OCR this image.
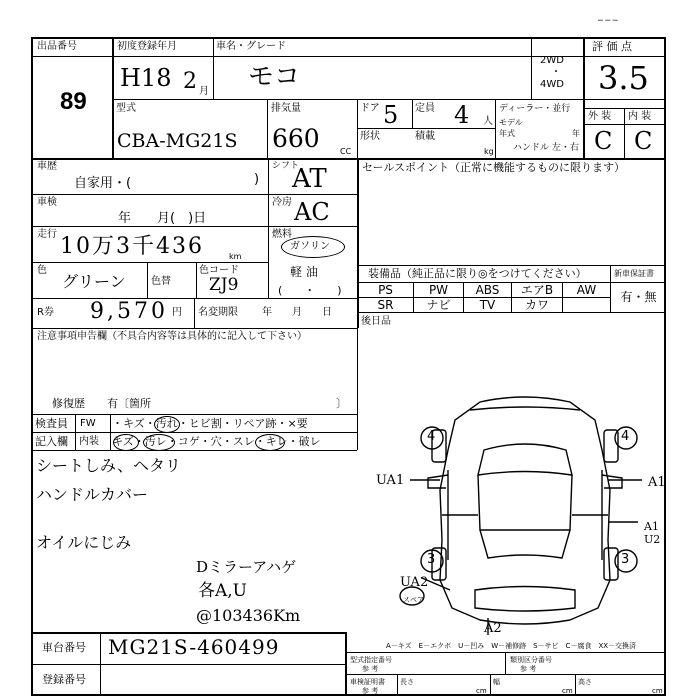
━ ━ ━
出品番号
89
初度登録年月
H18 2 月
車名・グレード
モコ
2WD
・
4WD
評 価 点
3.5
型式
CBA-MG21S
排気量
660	CC
ドア 5 定員 4 人
形状	積載
kg
ディーラー・並行
モデル
年式	年
ハンドル 左・右
外 装 内 装
C C
車歴
自家用・(	)
車検
年　　月(　)日
走行 10万3千436	km
色
グリーン	色替
色コード
ZJ9
シフト
AT
冷房 AC
燃料
ガソリン
軽 油
(　　・　　)
R券 9,570 円 名変期限 年　　月　　日
セールスポイント（正常に機能するものに限ります）
装備品（純正品に限り◎をつけてください）	新車保証書
PS	PW	ABS	エアB	AW
SR	ナビ	TV	カワ
有・無
後日品
注意事項申告欄（不具合内容等は具体的に記入して下さい）
修復歴　　有〔箇所	〕
検査員
記入欄
FW
内装
・キズ・汚れ・ヒビ割・リペア跡・×要
キズ・汚レ・コゲ・穴・スレ・キレ・破レ
シートしみ、ヘタリ
ハンドルカバー
オイルにじみ
Dミラーアハゲ
各A,U
@103436Km
4	4
3	3
UA1	A1
A1 U2
UA2
A2
スペア
A－キズ　E－エクボ　U－凹み　W－補修跡　S－サビ　C－腐食　XX－交換済
車台番号 MG21S-460499
登録番号
型式指定番号
参 考
類別区分番号
参 考
車検証明書
参 考
長さ
cm
幅
cm
高さ
cm
